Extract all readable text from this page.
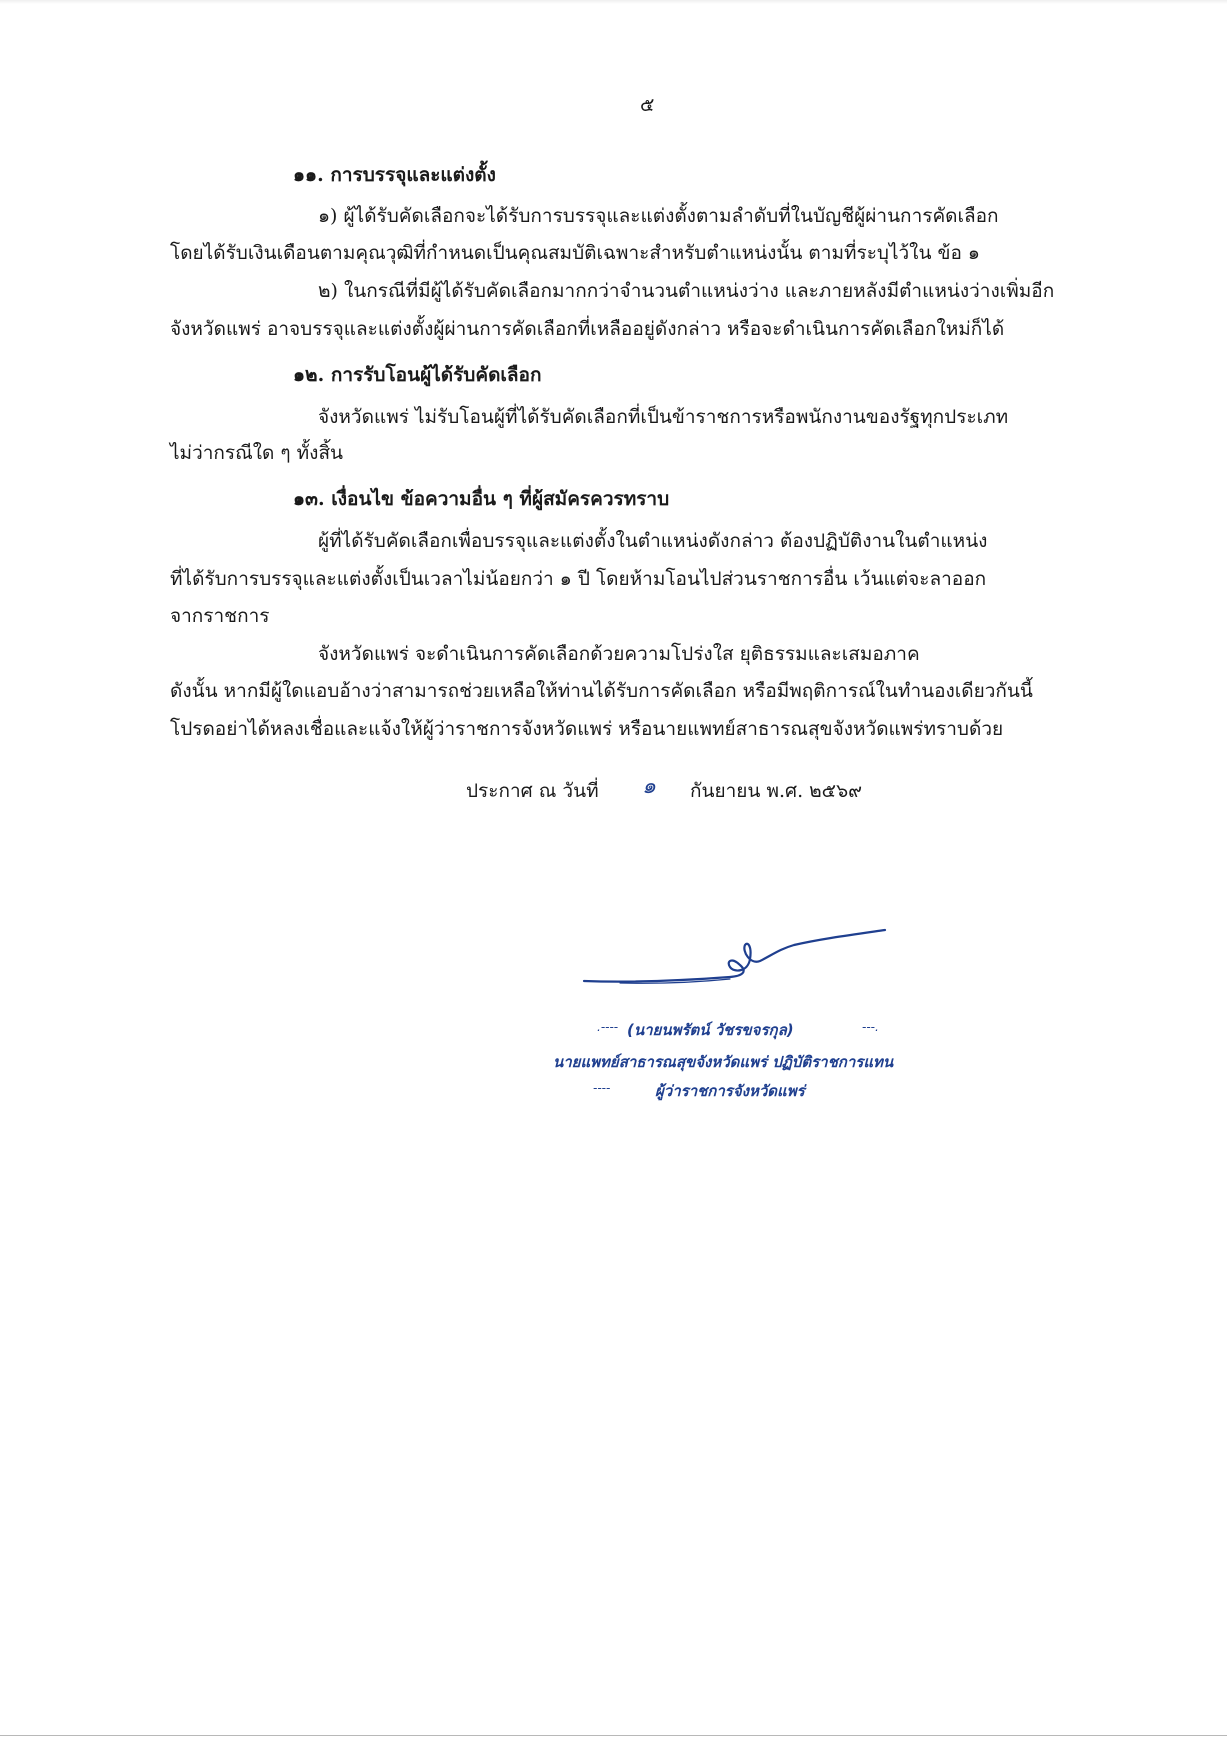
๕
๑๑. การบรรจุและแต่งตั้ง
๑) ผู้ได้รับคัดเลือกจะได้รับการบรรจุและแต่งตั้งตามลำดับที่ในบัญชีผู้ผ่านการคัดเลือก
โดยได้รับเงินเดือนตามคุณวุฒิที่กำหนดเป็นคุณสมบัติเฉพาะสำหรับตำแหน่งนั้น ตามที่ระบุไว้ใน ข้อ ๑
๒) ในกรณีที่มีผู้ได้รับคัดเลือกมากกว่าจำนวนตำแหน่งว่าง และภายหลังมีตำแหน่งว่างเพิ่มอีก
จังหวัดแพร่ อาจบรรจุและแต่งตั้งผู้ผ่านการคัดเลือกที่เหลืออยู่ดังกล่าว หรือจะดำเนินการคัดเลือกใหม่ก็ได้
๑๒. การรับโอนผู้ได้รับคัดเลือก
จังหวัดแพร่ ไม่รับโอนผู้ที่ได้รับคัดเลือกที่เป็นข้าราชการหรือพนักงานของรัฐทุกประเภท
ไม่ว่ากรณีใด ๆ ทั้งสิ้น
๑๓. เงื่อนไข ข้อความอื่น ๆ ที่ผู้สมัครควรทราบ
ผู้ที่ได้รับคัดเลือกเพื่อบรรจุและแต่งตั้งในตำแหน่งดังกล่าว ต้องปฏิบัติงานในตำแหน่ง
ที่ได้รับการบรรจุและแต่งตั้งเป็นเวลาไม่น้อยกว่า ๑ ปี โดยห้ามโอนไปส่วนราชการอื่น เว้นแต่จะลาออก
จากราชการ
จังหวัดแพร่ จะดำเนินการคัดเลือกด้วยความโปร่งใส ยุติธรรมและเสมอภาค
ดังนั้น หากมีผู้ใดแอบอ้างว่าสามารถช่วยเหลือให้ท่านได้รับการคัดเลือก หรือมีพฤติการณ์ในทำนองเดียวกันนี้
โปรดอย่าได้หลงเชื่อและแจ้งให้ผู้ว่าราชการจังหวัดแพร่ หรือนายแพทย์สาธารณสุขจังหวัดแพร่ทราบด้วย
ประกาศ ณ วันที่ ๑ กันยายน พ.ศ. ๒๕๖๙
.---- (นายนพรัตน์ วัชรขจรกุล)	---.
นายแพทย์สาธารณสุขจังหวัดแพร่ ปฏิบัติราชการแทน
----	ผู้ว่าราชการจังหวัดแพร่
